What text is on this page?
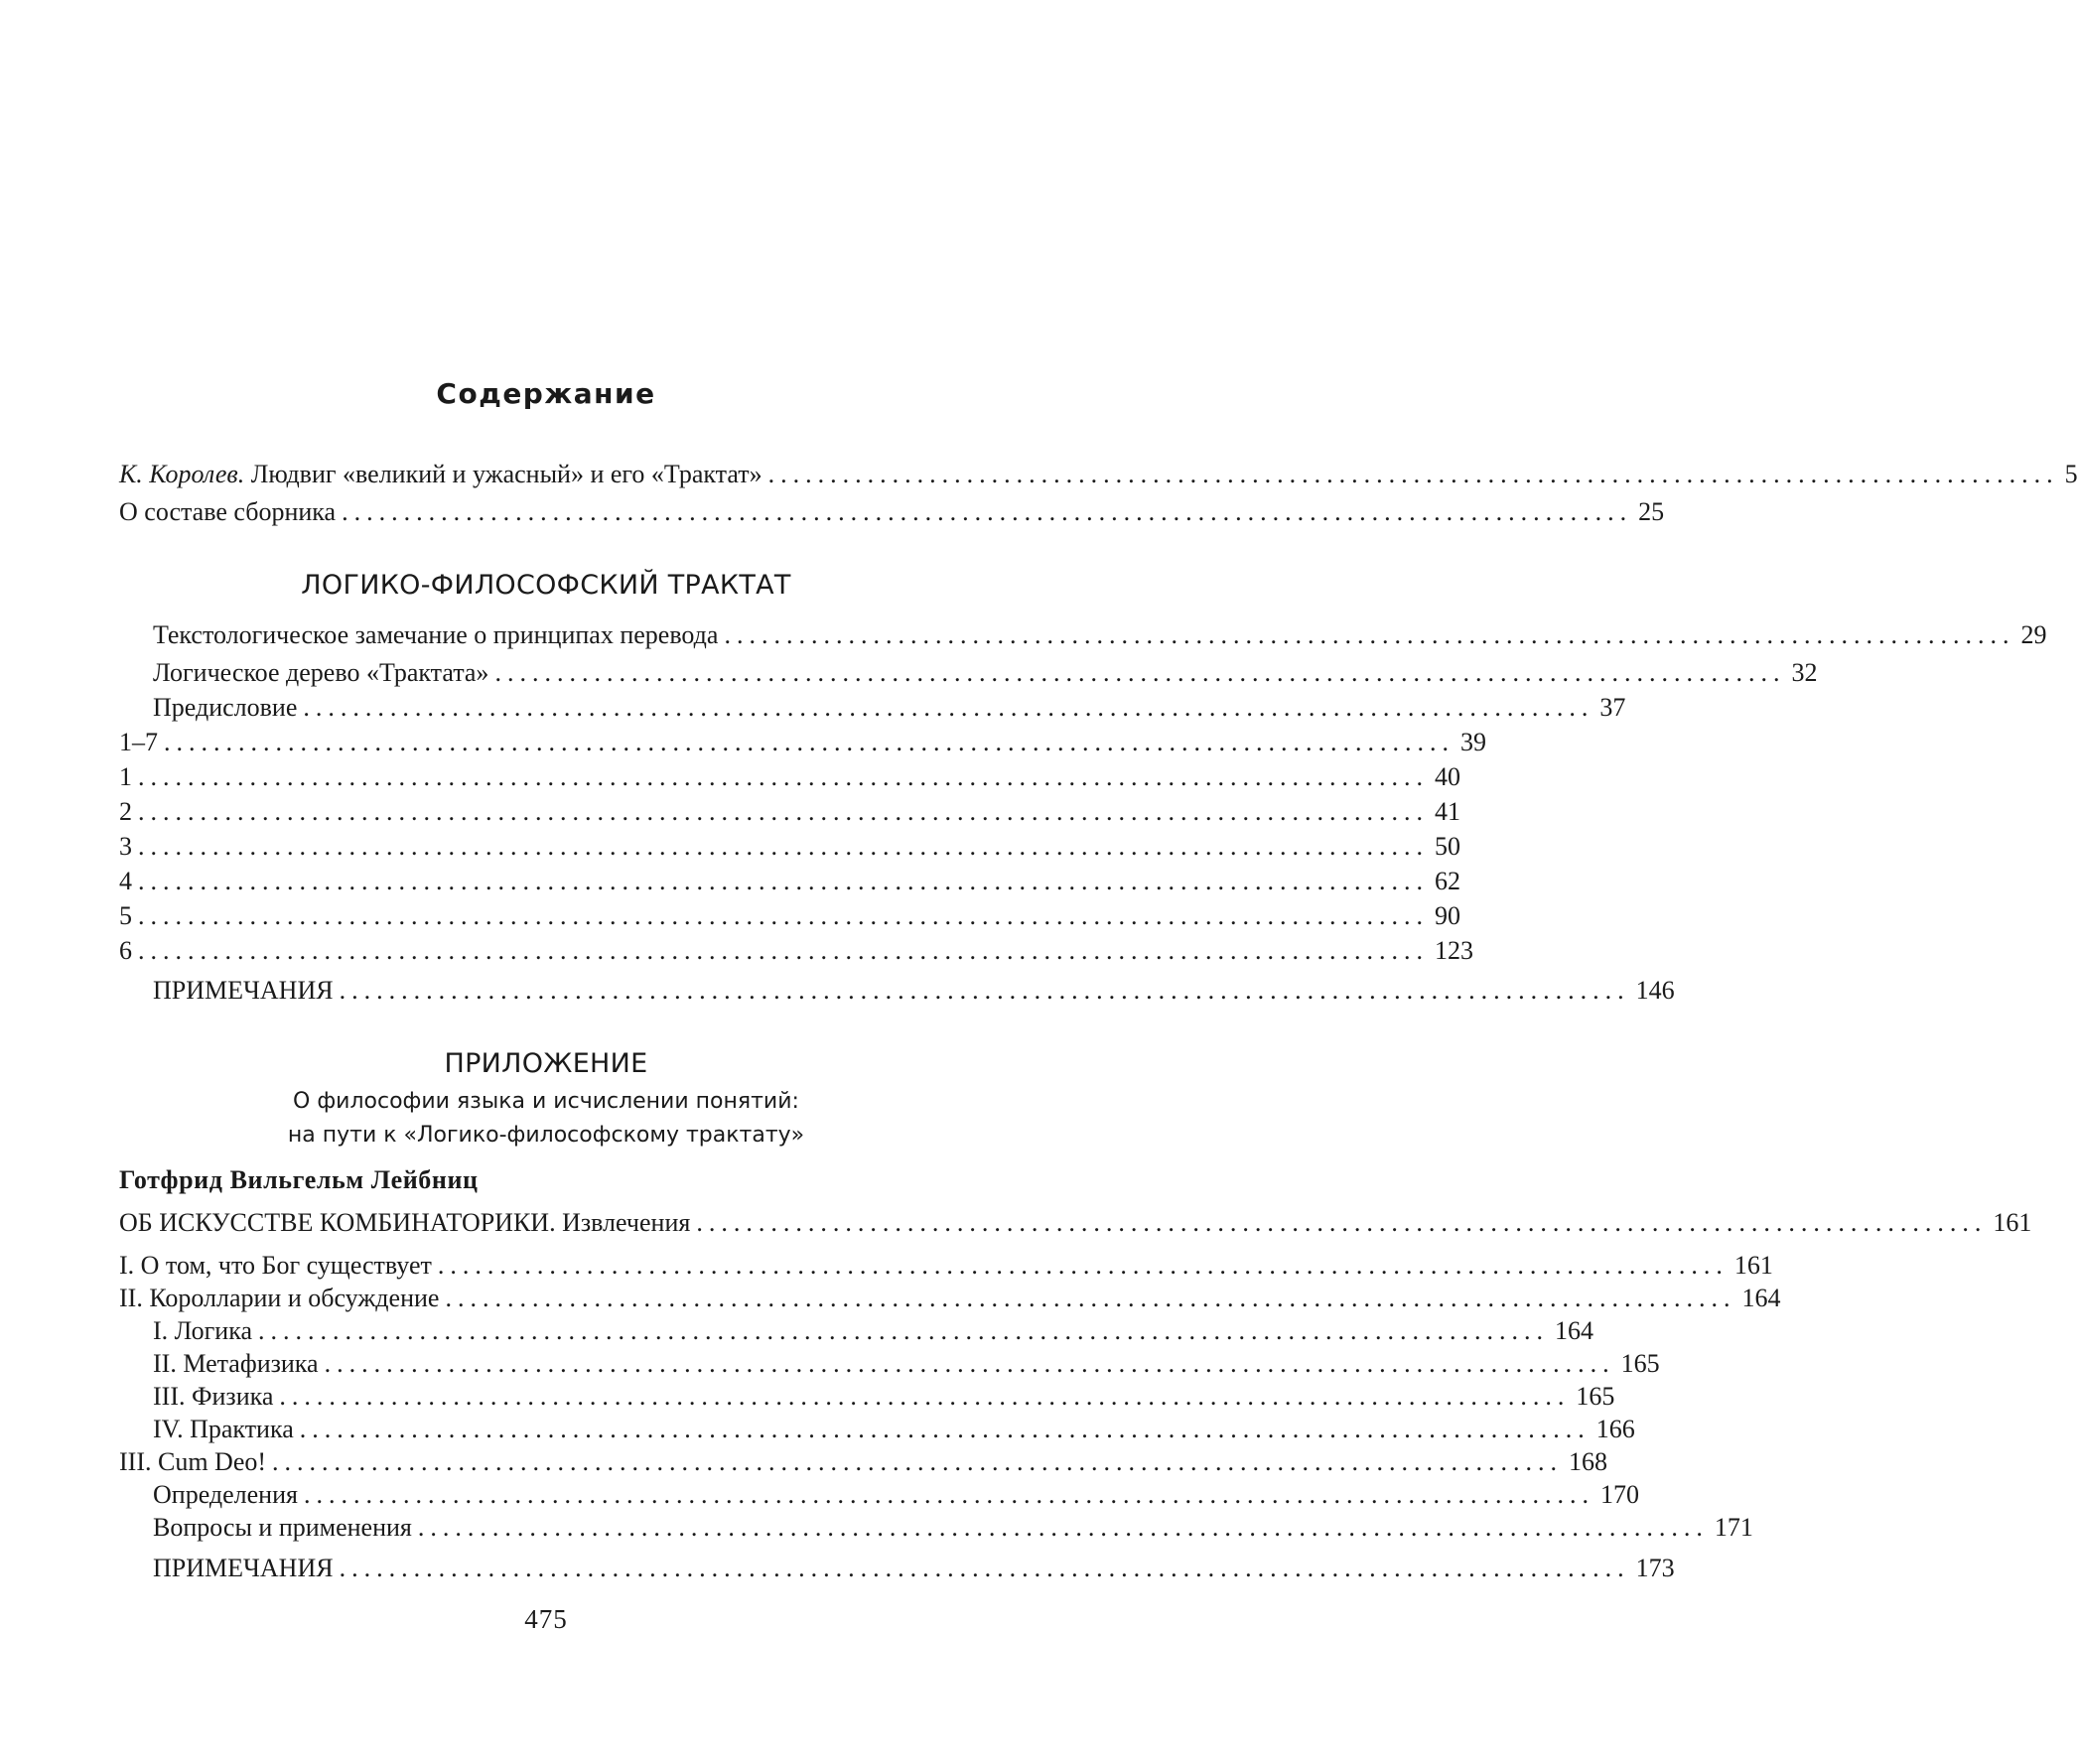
Содержание
К. Королев. Людвиг «великий и ужасный» и его «Трактат» ........................................................................................................ 5
О составе сборника ........................................................................................................ 25
ЛОГИКО-ФИЛОСОФСКИЙ ТРАКТАТ
Текстологическое замечание о принципах перевода ........................................................................................................ 29
Логическое дерево «Трактата» ........................................................................................................ 32
Предисловие ........................................................................................................ 37
1–7 ........................................................................................................ 39
1 ........................................................................................................ 40
2 ........................................................................................................ 41
3 ........................................................................................................ 50
4 ........................................................................................................ 62
5 ........................................................................................................ 90
6 ........................................................................................................ 123
ПРИМЕЧАНИЯ ........................................................................................................ 146
ПРИЛОЖЕНИЕ
О философии языка и исчислении понятий:
на пути к «Логико-философскому трактату»
Готфрид Вильгельм Лейбниц
ОБ ИСКУССТВЕ КОМБИНАТОРИКИ. Извлечения ........................................................................................................ 161
I. О том, что Бог существует ........................................................................................................ 161
II. Королларии и обсуждение ........................................................................................................ 164
I. Логика ........................................................................................................ 164
II. Метафизика ........................................................................................................ 165
III. Физика ........................................................................................................ 165
IV. Практика ........................................................................................................ 166
III. Cum Deo! ........................................................................................................ 168
Определения ........................................................................................................ 170
Вопросы и применения ........................................................................................................ 171
ПРИМЕЧАНИЯ ........................................................................................................ 173
475
